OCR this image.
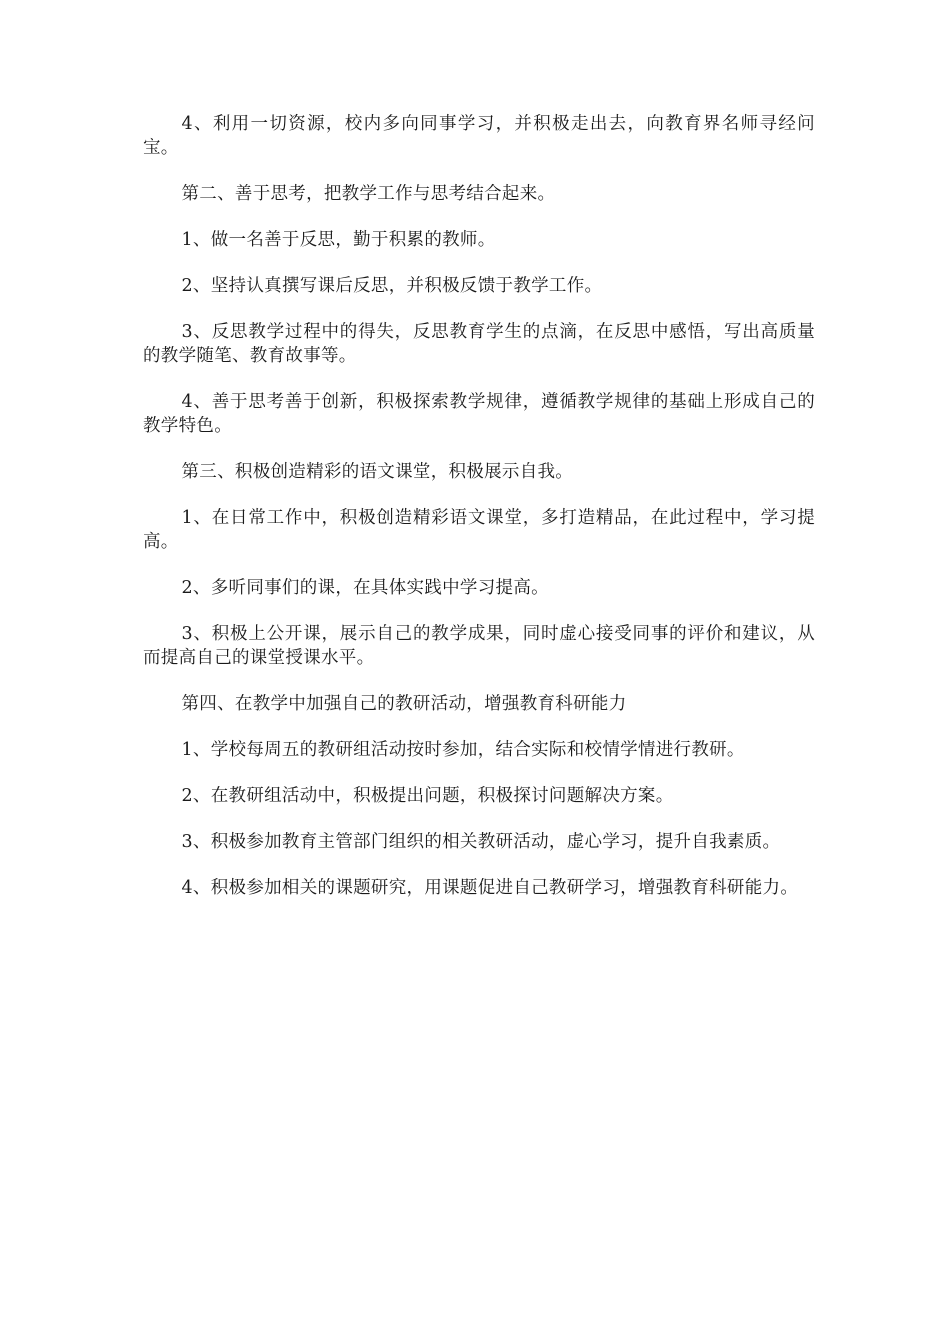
4、利用一切资源，校内多向同事学习，并积极走出去，向教育界名师寻经问宝。

第二、善于思考，把教学工作与思考结合起来。

1、做一名善于反思，勤于积累的教师。

2、坚持认真撰写课后反思，并积极反馈于教学工作。

3、反思教学过程中的得失，反思教育学生的点滴，在反思中感悟，写出高质量的教学随笔、教育故事等。

4、善于思考善于创新，积极探索教学规律，遵循教学规律的基础上形成自己的教学特色。

第三、积极创造精彩的语文课堂，积极展示自我。

1、在日常工作中，积极创造精彩语文课堂，多打造精品，在此过程中，学习提高。

2、多听同事们的课，在具体实践中学习提高。

3、积极上公开课，展示自己的教学成果，同时虚心接受同事的评价和建议，从而提高自己的课堂授课水平。

第四、在教学中加强自己的教研活动，增强教育科研能力

1、学校每周五的教研组活动按时参加，结合实际和校情学情进行教研。

2、在教研组活动中，积极提出问题，积极探讨问题解决方案。

3、积极参加教育主管部门组织的相关教研活动，虚心学习，提升自我素质。

4、积极参加相关的课题研究，用课题促进自己教研学习，增强教育科研能力。
